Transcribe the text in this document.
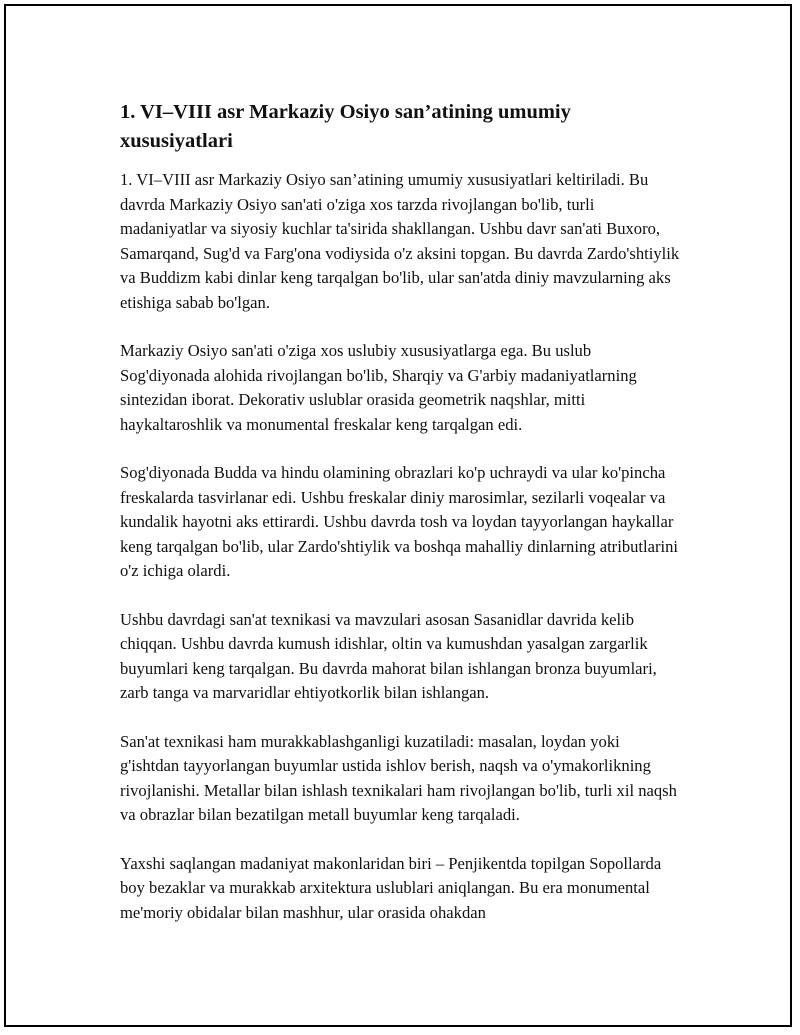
1. VI–VIII asr Markaziy Osiyo san’atining umumiy xususiyatlari

1. VI–VIII asr Markaziy Osiyo san’atining umumiy xususiyatlari keltiriladi. Bu davrda Markaziy Osiyo san'ati o'ziga xos tarzda rivojlangan bo'lib, turli madaniyatlar va siyosiy kuchlar ta'sirida shakllangan. Ushbu davr san'ati Buxoro, Samarqand, Sug'd va Farg'ona vodiysida o'z aksini topgan. Bu davrda Zardo'shtiylik va Buddizm kabi dinlar keng tarqalgan bo'lib, ular san'atda diniy mavzularning aks etishiga sabab bo'lgan.

Markaziy Osiyo san'ati o'ziga xos uslubiy xususiyatlarga ega. Bu uslub Sog'diyonada alohida rivojlangan bo'lib, Sharqiy va G'arbiy madaniyatlarning sintezidan iborat. Dekorativ uslublar orasida geometrik naqshlar, mitti haykaltaroshlik va monumental freskalar keng tarqalgan edi.

Sog'diyonada Budda va hindu olamining obrazlari ko'p uchraydi va ular ko'pincha freskalarda tasvirlanar edi. Ushbu freskalar diniy marosimlar, sezilarli voqealar va kundalik hayotni aks ettirardi. Ushbu davrda tosh va loydan tayyorlangan haykallar keng tarqalgan bo'lib, ular Zardo'shtiylik va boshqa mahalliy dinlarning atributlarini o'z ichiga olardi.

Ushbu davrdagi san'at texnikasi va mavzulari asosan Sasanidlar davrida kelib chiqqan. Ushbu davrda kumush idishlar, oltin va kumushdan yasalgan zargarlik buyumlari keng tarqalgan. Bu davrda mahorat bilan ishlangan bronza buyumlari, zarb tanga va marvaridlar ehtiyotkorlik bilan ishlangan.

San'at texnikasi ham murakkablashganligi kuzatiladi: masalan, loydan yoki g'ishtdan tayyorlangan buyumlar ustida ishlov berish, naqsh va o'ymakorlikning rivojlanishi. Metallar bilan ishlash texnikalari ham rivojlangan bo'lib, turli xil naqsh va obrazlar bilan bezatilgan metall buyumlar keng tarqaladi.

Yaxshi saqlangan madaniyat makonlaridan biri – Penjikentda topilgan Sopollarda boy bezaklar va murakkab arxitektura uslublari aniqlangan. Bu era monumental me'moriy obidalar bilan mashhur, ular orasida ohakdan
